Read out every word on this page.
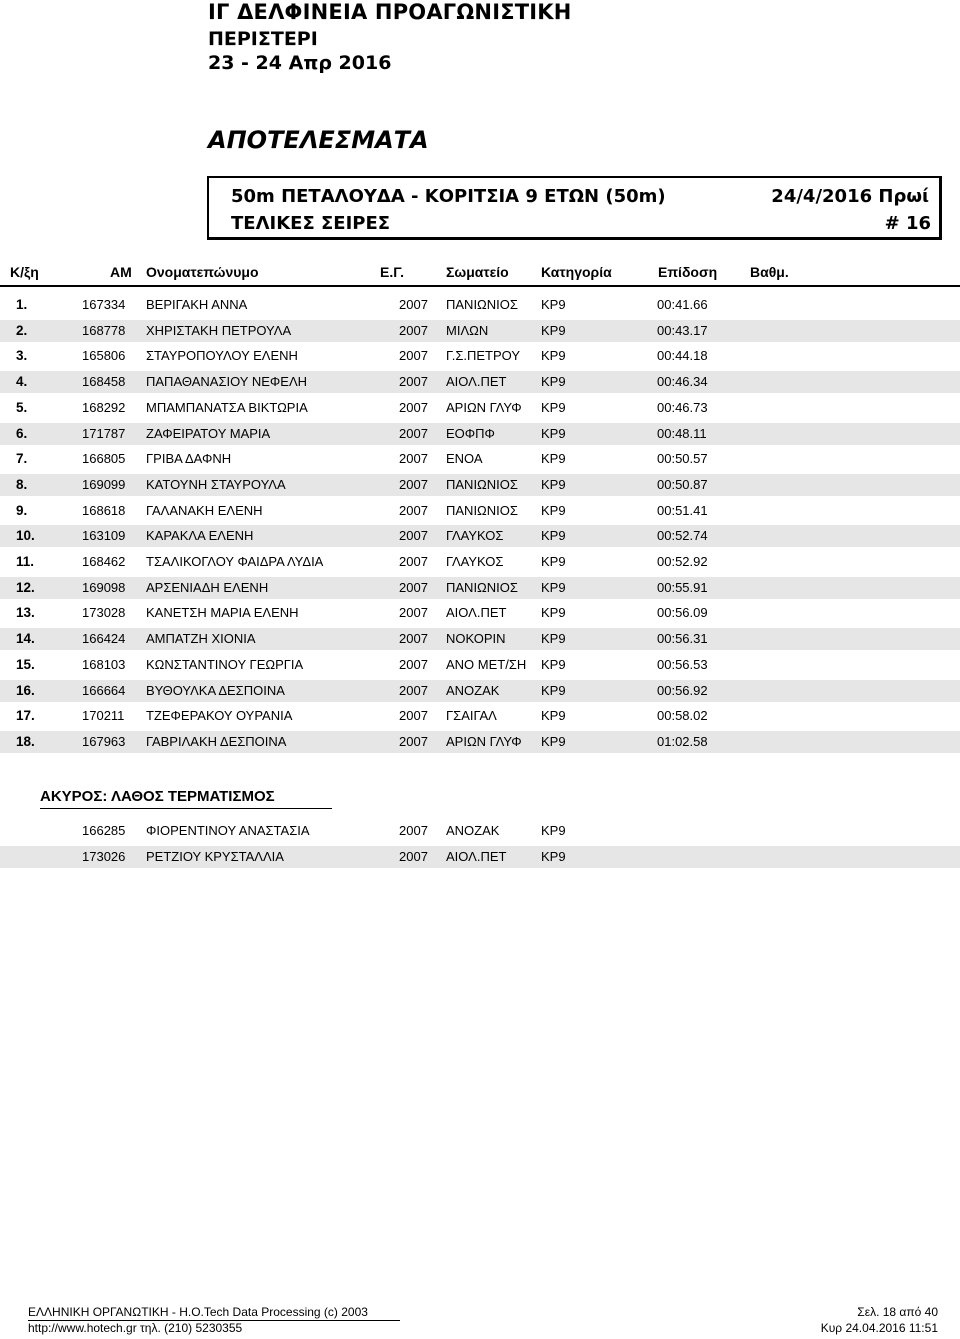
ΙΓ ΔΕΛΦΙΝΕΙΑ ΠΡΟΑΓΩΝΙΣΤΙΚΗ
ΠΕΡΙΣΤΕΡΙ
23 - 24 Απρ 2016
ΑΠΟΤΕΛΕΣΜΑΤΑ
50m ΠΕΤΑΛΟΥΔΑ - ΚΟΡΙΤΣΙΑ 9 ΕΤΩΝ (50m)	24/4/2016 Πρωί
ΤΕΛΙΚΕΣ ΣΕΙΡΕΣ	# 16
Κ/ξη	ΑΜ Ονοματεπώνυμο	Ε.Γ.	Σωματείο Κατηγορία	Επίδοση Βαθμ.
1.	167334 ΒΕΡΙΓΑΚΗ ΑΝΝΑ	2007 ΠΑΝΙΩΝΙΟΣ ΚΡ9	00:41.66
2.	168778 ΧΗΡΙΣΤΑΚΗ ΠΕΤΡΟΥΛΑ	2007 ΜΙΛΩΝ	ΚΡ9	00:43.17
3.	165806 ΣΤΑΥΡΟΠΟΥΛΟΥ ΕΛΕΝΗ	2007 Γ.Σ.ΠΕΤΡΟΥ ΚΡ9	00:44.18
4.	168458 ΠΑΠΑΘΑΝΑΣΙΟΥ ΝΕΦΕΛΗ	2007 ΑΙΟΛ.ΠΕΤ	ΚΡ9	00:46.34
5.	168292 ΜΠΑΜΠΑΝΑΤΣΑ ΒΙΚΤΩΡΙΑ	2007 ΑΡΙΩΝ ΓΛΥΦ ΚΡ9	00:46.73
6.	171787 ΖΑΦΕΙΡΑΤΟΥ ΜΑΡΙΑ	2007 ΕΟΦΠΦ	ΚΡ9	00:48.11
7.	166805 ΓΡΙΒΑ ΔΑΦΝΗ	2007 ΕΝΟΑ	ΚΡ9	00:50.57
8.	169099 ΚΑΤΟΥΝΗ ΣΤΑΥΡΟΥΛΑ	2007 ΠΑΝΙΩΝΙΟΣ ΚΡ9	00:50.87
9.	168618 ΓΑΛΑΝΑΚΗ ΕΛΕΝΗ	2007 ΠΑΝΙΩΝΙΟΣ ΚΡ9	00:51.41
10.	163109 ΚΑΡΑΚΛΑ ΕΛΕΝΗ	2007 ΓΛΑΥΚΟΣ	ΚΡ9	00:52.74
11.	168462 ΤΣΑΛΙΚΟΓΛΟΥ ΦΑΙΔΡΑ ΛΥΔΙΑ	2007 ΓΛΑΥΚΟΣ	ΚΡ9	00:52.92
12.	169098 ΑΡΣΕΝΙΑΔΗ ΕΛΕΝΗ	2007 ΠΑΝΙΩΝΙΟΣ ΚΡ9	00:55.91
13.	173028 ΚΑΝΕΤΣΗ ΜΑΡΙΑ ΕΛΕΝΗ	2007 ΑΙΟΛ.ΠΕΤ	ΚΡ9	00:56.09
14.	166424 ΑΜΠΑΤΖΗ ΧΙΟΝΙΑ	2007 ΝΟΚΟΡΙΝ	ΚΡ9	00:56.31
15.	168103 ΚΩΝΣΤΑΝΤΙΝΟΥ ΓΕΩΡΓΙΑ	2007 ΑΝΟ ΜΕΤ/ΣΗ ΚΡ9	00:56.53
16.	166664 ΒΥΘΟΥΛΚΑ ΔΕΣΠΟΙΝΑ	2007 ΑΝΟΖΑΚ	ΚΡ9	00:56.92
17.	170211 ΤΖΕΦΕΡΑΚΟΥ ΟΥΡΑΝΙΑ	2007 ΓΣΑΙΓΑΛ	ΚΡ9	00:58.02
18.	167963 ΓΑΒΡΙΛΑΚΗ ΔΕΣΠΟΙΝΑ	2007 ΑΡΙΩΝ ΓΛΥΦ ΚΡ9	01:02.58
ΑΚΥΡΟΣ: ΛΑΘΟΣ ΤΕΡΜΑΤΙΣΜΟΣ
166285 ΦΙΟΡΕΝΤΙΝΟΥ ΑΝΑΣΤΑΣΙΑ	2007 ΑΝΟΖΑΚ	ΚΡ9
173026 ΡΕΤΖΙΟΥ ΚΡΥΣΤΑΛΛΙΑ	2007 ΑΙΟΛ.ΠΕΤ	ΚΡ9
ΕΛΛΗΝΙΚΗ ΟΡΓΑΝΩΤΙΚΗ - Η.Ο.Tech Data Processing (c) 2003
http://www.hotech.gr τηλ. (210) 5230355
Σελ. 18 από 40
Κυρ 24.04.2016 11:51
